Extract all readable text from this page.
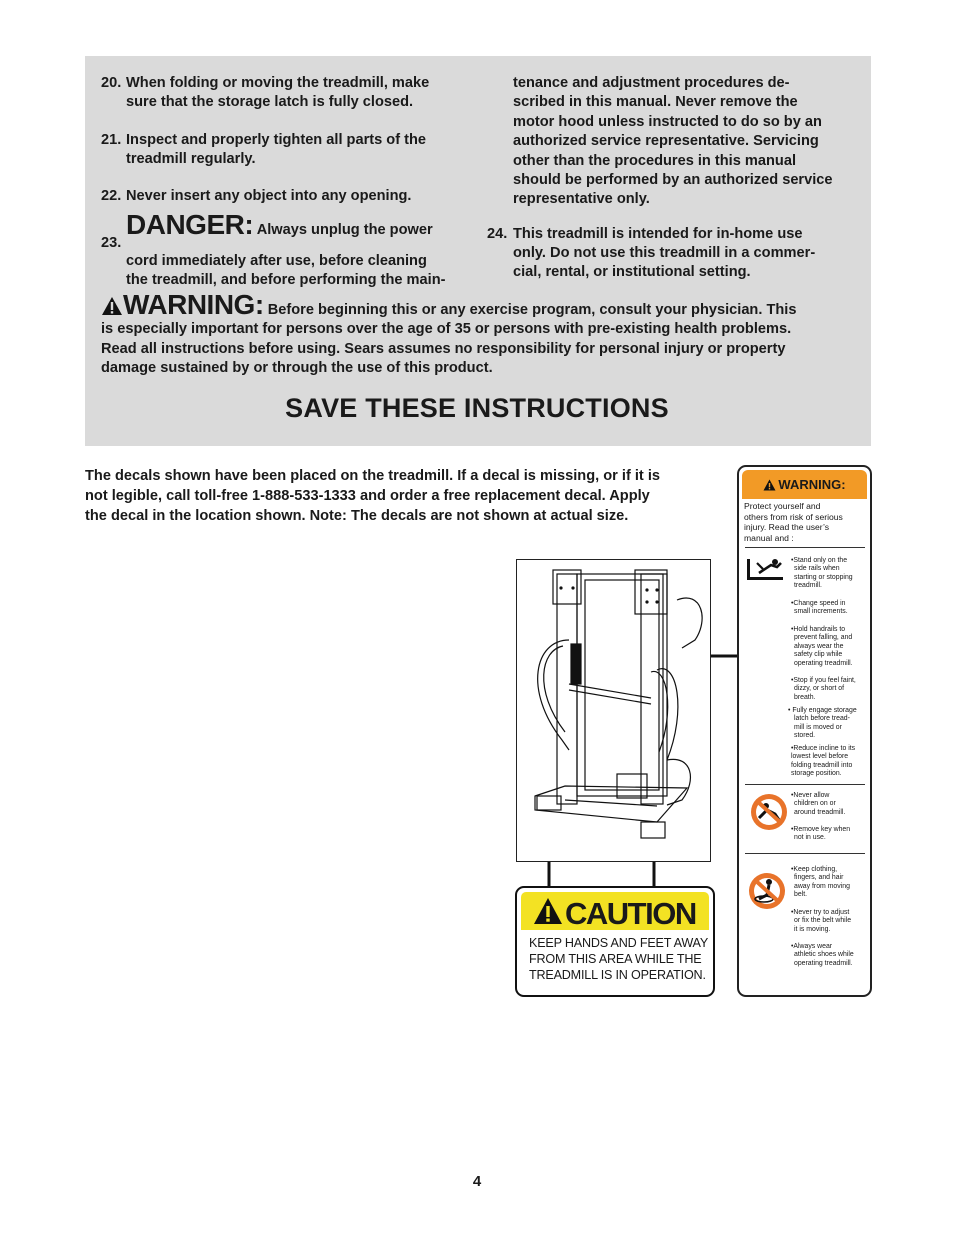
20. When folding or moving the treadmill, make
sure that the storage latch is fully closed.
21. Inspect and properly tighten all parts of the
treadmill regularly.
22. Never insert any object into any opening.
23.
DANGER: Always unplug the power
cord immediately after use, before cleaning
the treadmill, and before performing the main-
tenance and adjustment procedures de-
scribed in this manual. Never remove the
motor hood unless instructed to do so by an
authorized service representative. Servicing
other than the procedures in this manual
should be performed by an authorized service
representative only.
24. This treadmill is intended for in-home use
only. Do not use this treadmill in a commer-
cial, rental, or institutional setting.
WARNING: Before beginning this or any exercise program, consult your physician. This
is especially important for persons over the age of 35 or persons with pre-existing health problems.
Read all instructions before using. Sears assumes no responsibility for personal injury or property
damage sustained by or through the use of this product.
SAVE THESE INSTRUCTIONS
The decals shown have been placed on the treadmill. If a decal is missing, or if it is
not legible, call toll-free 1-888-533-1333 and order a free replacement decal. Apply
the decal in the location shown. Note: The decals are not shown at actual size.
CAUTION
KEEP HANDS AND FEET AWAY
FROM THIS AREA WHILE THE
TREADMILL IS IN OPERATION.
WARNING:
Protect yourself and
others from risk of serious
injury. Read the user’s
manual and :
•Stand only on the
side rails when
starting or stopping
treadmill.
•Change speed in
small increments.
•Hold handrails to
prevent falling, and
always wear the
safety clip while
operating treadmill.
•Stop if you feel faint,
dizzy, or short of
breath.
• Fully engage storage
latch before tread-
mill is moved or
stored.
•Reduce incline to its
lowest level before
folding treadmill into
storage position.
•Never allow
children on or
around treadmill.
•Remove key when
not in use.
•Keep clothing,
fingers, and hair
away from moving
belt.
•Never try to adjust
or fix the belt while
it is moving.
•Always wear
athletic shoes while
operating treadmill.
4
